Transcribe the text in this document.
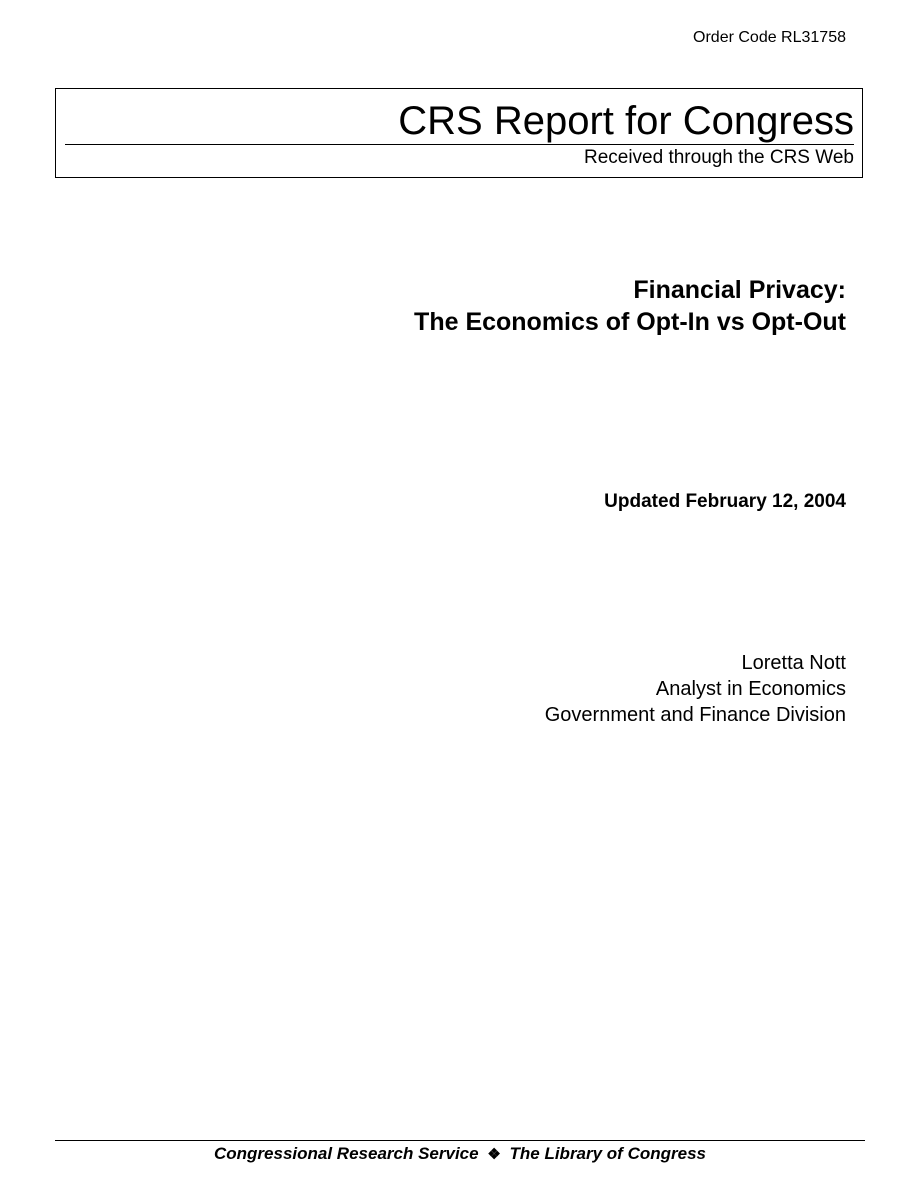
Order Code RL31758
CRS Report for Congress
Received through the CRS Web
Financial Privacy:
The Economics of Opt-In vs Opt-Out
Updated February 12, 2004
Loretta Nott
Analyst in Economics
Government and Finance Division
Congressional Research Service ❖ The Library of Congress
